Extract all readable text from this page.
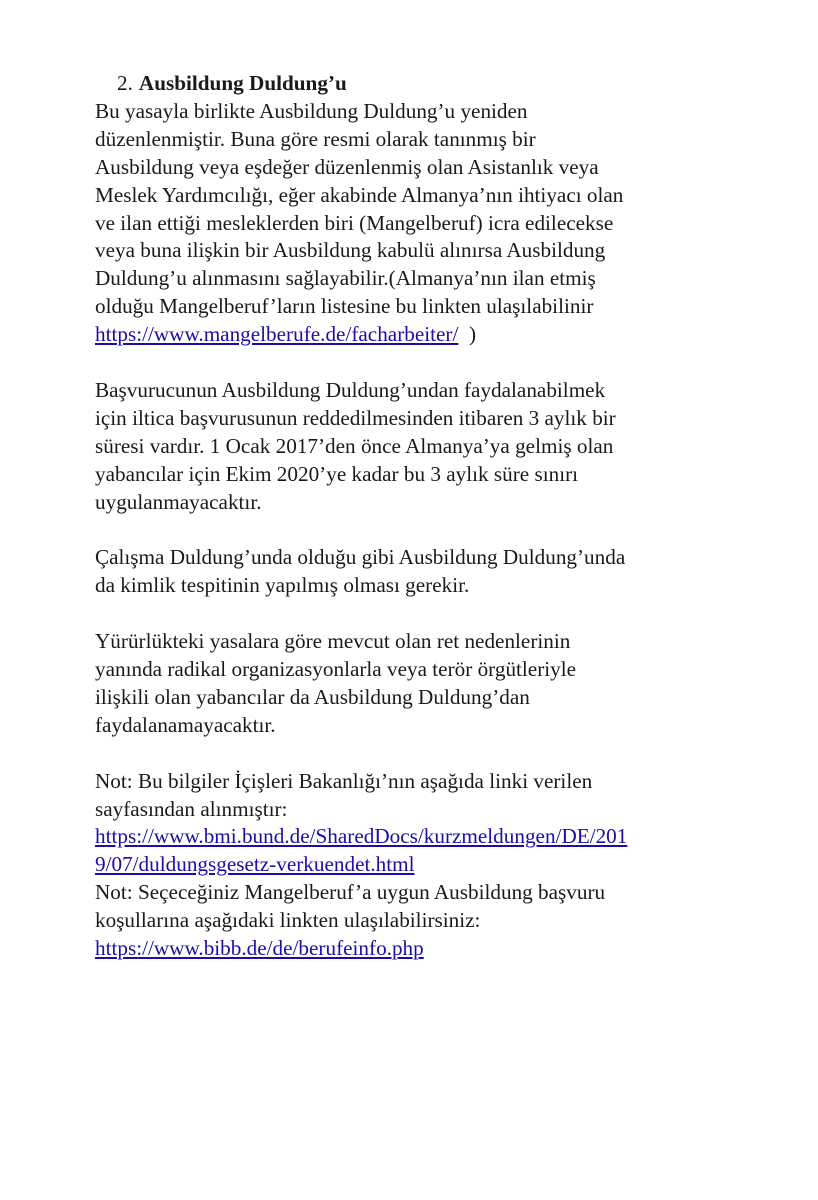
2. Ausbildung Duldung’u
Bu yasayla birlikte Ausbildung Duldung’u yeniden
düzenlenmiştir. Buna göre resmi olarak tanınmış bir
Ausbildung veya eşdeğer düzenlenmiş olan Asistanlık veya
Meslek Yardımcılığı, eğer akabinde Almanya’nın ihtiyacı olan
ve ilan ettiği mesleklerden biri (Mangelberuf) icra edilecekse
veya buna ilişkin bir Ausbildung kabulü alınırsa Ausbildung
Duldung’u alınmasını sağlayabilir.(Almanya’nın ilan etmiş
olduğu Mangelberuf’ların listesine bu linkten ulaşılabilinir
https://www.mangelberufe.de/facharbeiter/ )
Başvurucunun Ausbildung Duldung’undan faydalanabilmek
için iltica başvurusunun reddedilmesinden itibaren 3 aylık bir
süresi vardır. 1 Ocak 2017’den önce Almanya’ya gelmiş olan
yabancılar için Ekim 2020’ye kadar bu 3 aylık süre sınırı
uygulanmayacaktır.
Çalışma Duldung’unda olduğu gibi Ausbildung Duldung’unda
da kimlik tespitinin yapılmış olması gerekir.
Yürürlükteki yasalara göre mevcut olan ret nedenlerinin
yanında radikal organizasyonlarla veya terör örgütleriyle
ilişkili olan yabancılar da Ausbildung Duldung’dan
faydalanamayacaktır.
Not: Bu bilgiler İçişleri Bakanlığı’nın aşağıda linki verilen
sayfasından alınmıştır:
https://www.bmi.bund.de/SharedDocs/kurzmeldungen/DE/201
9/07/duldungsgesetz-verkuendet.html
Not: Seçeceğiniz Mangelberuf’a uygun Ausbildung başvuru
koşullarına aşağıdaki linkten ulaşılabilirsiniz:
https://www.bibb.de/de/berufeinfo.php
